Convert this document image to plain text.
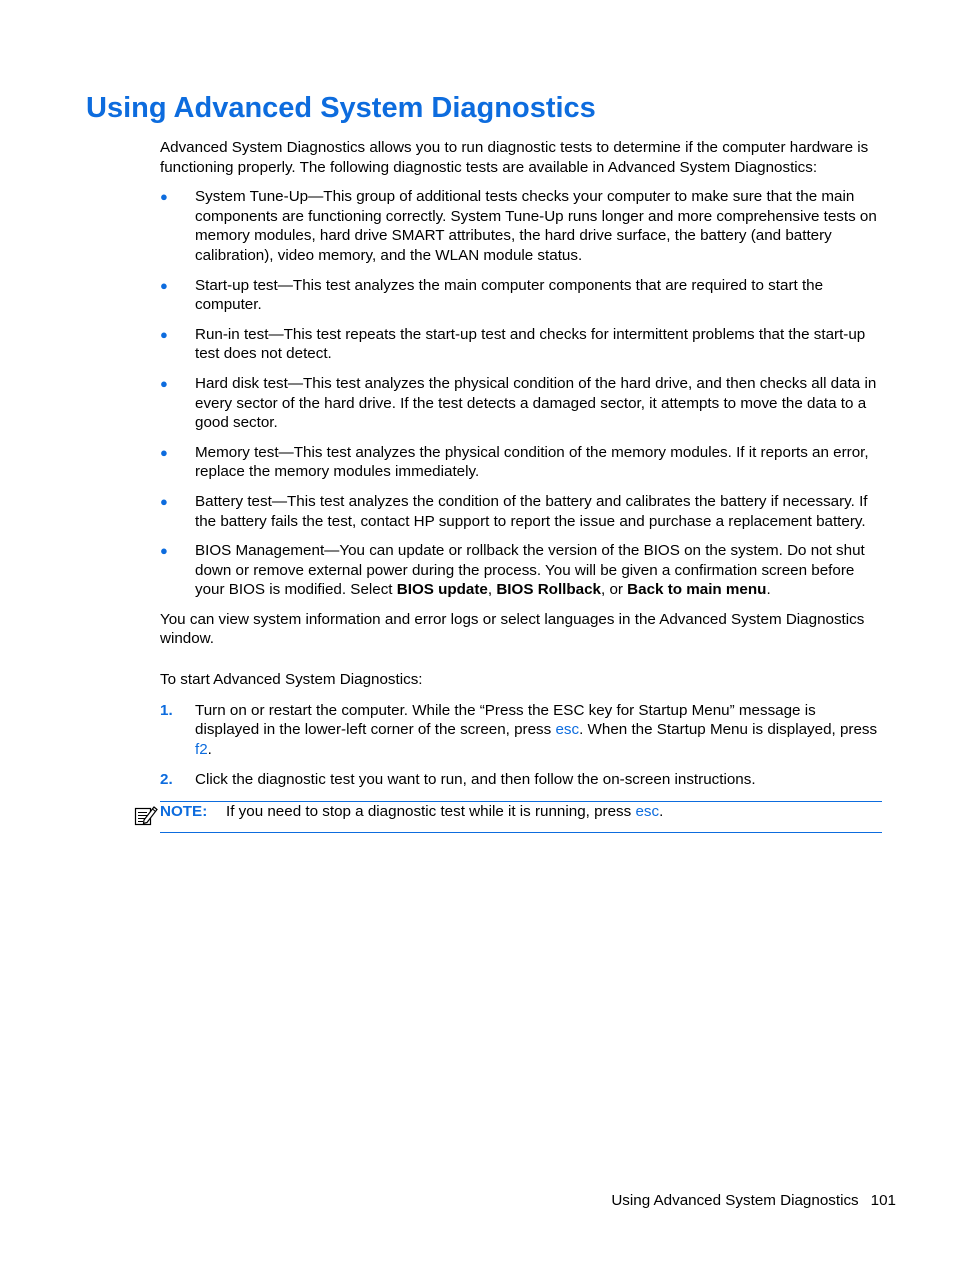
Using Advanced System Diagnostics

Advanced System Diagnostics allows you to run diagnostic tests to determine if the computer hardware is functioning properly. The following diagnostic tests are available in Advanced System Diagnostics:

● System Tune-Up—This group of additional tests checks your computer to make sure that the main components are functioning correctly. System Tune-Up runs longer and more comprehensive tests on memory modules, hard drive SMART attributes, the hard drive surface, the battery (and battery calibration), video memory, and the WLAN module status.
● Start-up test—This test analyzes the main computer components that are required to start the computer.
● Run-in test—This test repeats the start-up test and checks for intermittent problems that the start-up test does not detect.
● Hard disk test—This test analyzes the physical condition of the hard drive, and then checks all data in every sector of the hard drive. If the test detects a damaged sector, it attempts to move the data to a good sector.
● Memory test—This test analyzes the physical condition of the memory modules. If it reports an error, replace the memory modules immediately.
● Battery test—This test analyzes the condition of the battery and calibrates the battery if necessary. If the battery fails the test, contact HP support to report the issue and purchase a replacement battery.
● BIOS Management—You can update or rollback the version of the BIOS on the system. Do not shut down or remove external power during the process. You will be given a confirmation screen before your BIOS is modified. Select BIOS update, BIOS Rollback, or Back to main menu.

You can view system information and error logs or select languages in the Advanced System Diagnostics window.

To start Advanced System Diagnostics:

1. Turn on or restart the computer. While the “Press the ESC key for Startup Menu” message is displayed in the lower-left corner of the screen, press esc. When the Startup Menu is displayed, press f2.
2. Click the diagnostic test you want to run, and then follow the on-screen instructions.
NOTE: If you need to stop a diagnostic test while it is running, press esc.
Using Advanced System Diagnostics 101
